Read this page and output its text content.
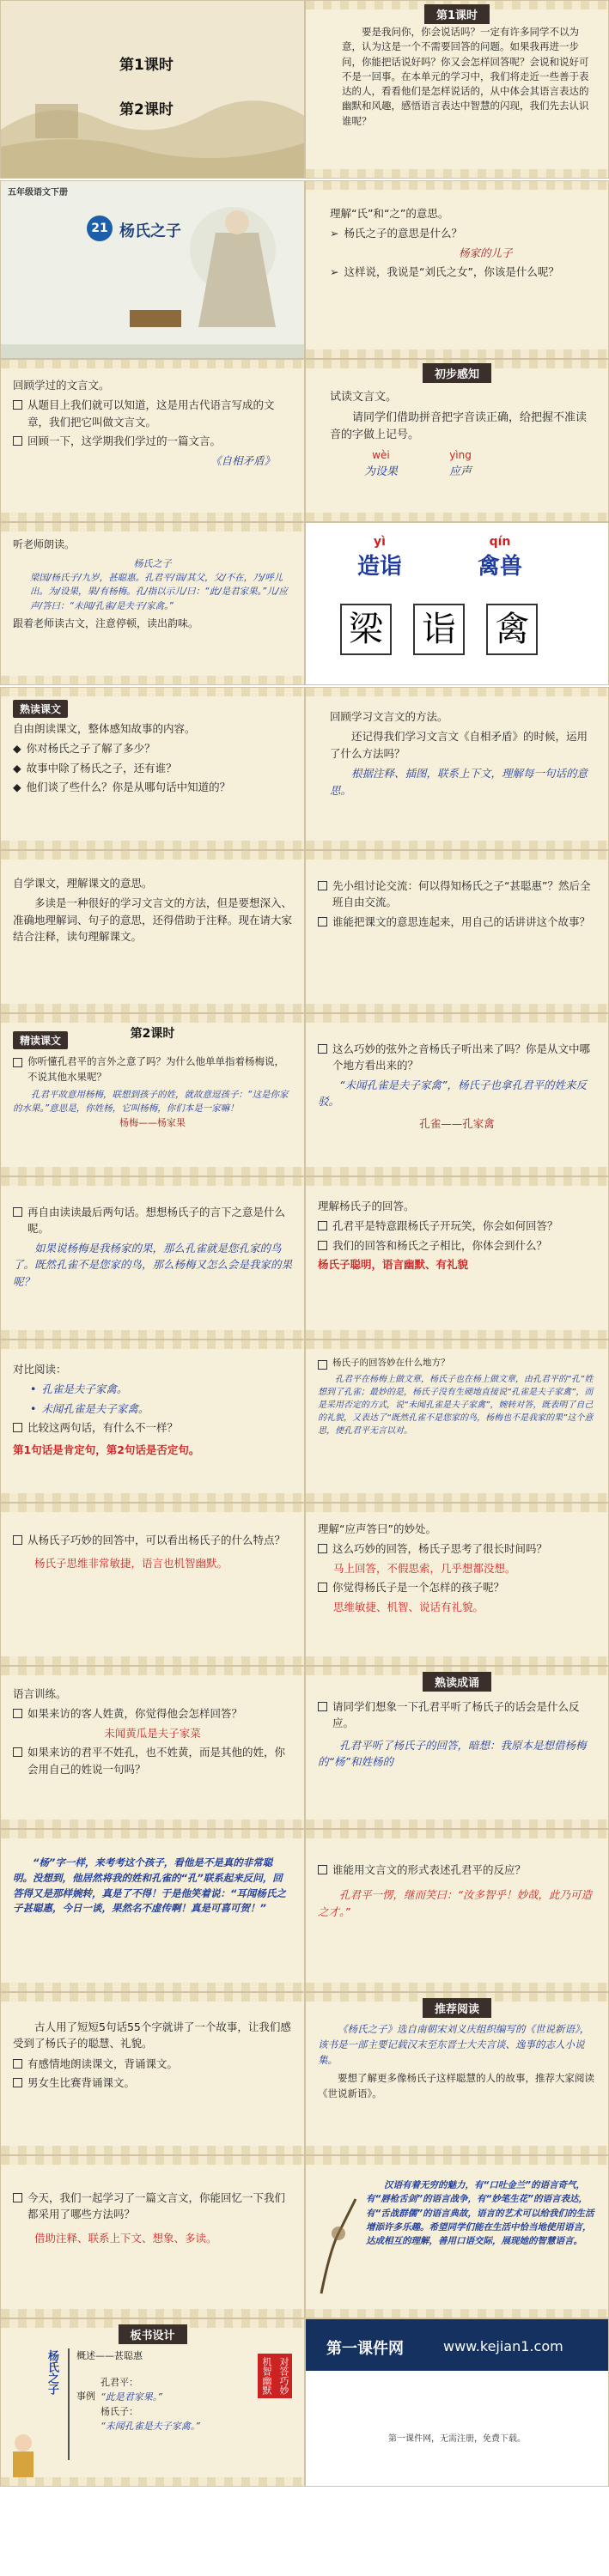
第1课时
第2课时
第1课时
要是我问你，你会说话吗？一定有许多同学不以为意，认为这是一个不需要回答的问题。如果我再进一步问，你能把话说好吗？你又会怎样回答呢？会说和说好可不是一回事。在本单元的学习中，我们将走近一些善于表达的人，看看他们是怎样说话的，从中体会其语言表达的幽默和风趣，感悟语言表达中智慧的闪现，我们先去认识谁呢？
五年级语文下册
21 杨氏之子

理解“氏”和“之”的意思。

➢ 杨氏之子的意思是什么？
杨家的儿子
➢ 这样说，我说是“刘氏之女”，你该是什么呢？

回顾学过的文言文。

从题目上我们就可以知道，这是用古代语言写成的文章，我们把它叫做文言文。
回顾一下，这学期我们学过的一篇文言。
《自相矛盾》
初步感知

试读文言文。

请同学们借助拼音把字音读正确，给把握不准读音的字做上记号。

wèi
为设果
yìng
应声

听老师朗读。

杨氏之子
梁国/杨氏子/九岁，甚聪惠。孔君平/诣/其父，父/不在，乃/呼儿出。为/设果，果/有杨梅。孔/指以示儿/曰：“此/是君家果。”儿/应声/答曰：“未闻/孔雀/是夫子/家禽。”

跟着老师读古文，注意停顿，读出韵味。

yì
造诣
qín
禽兽
梁 诣 禽
熟读课文

自由朗读课文，整体感知故事的内容。

◆ 你对杨氏之子了解了多少？
◆ 故事中除了杨氏之子，还有谁？
◆ 他们谈了些什么？你是从哪句话中知道的？

回顾学习文言文的方法。

还记得我们学习文言文《自相矛盾》的时候，运用了什么方法吗？

根据注释、插图，联系上下文，理解每一句话的意思。

自学课文，理解课文的意思。

多读是一种很好的学习文言文的方法，但是要想深入、准确地理解词、句子的意思，还得借助于注释。现在请大家结合注释，读句理解课文。

先小组讨论交流：何以得知杨氏之子“甚聪惠”？然后全班自由交流。
谁能把课文的意思连起来，用自己的话讲讲这个故事？
第2课时
精读课文
你听懂孔君平的言外之意了吗？为什么他单单指着杨梅说，不说其他水果呢？
孔君平故意用杨梅，联想到孩子的姓，就故意逗孩子：“这是你家的水果。”意思是，你姓杨，它叫杨梅，你们本是一家嘛！
杨梅——杨家果
这么巧妙的弦外之音杨氏子听出来了吗？你是从文中哪个地方看出来的？
“未闻孔雀是夫子家禽”，杨氏子也拿孔君平的姓来反驳。
孔雀——孔家禽
再自由读读最后两句话。想想杨氏子的言下之意是什么呢。
如果说杨梅是我杨家的果，那么孔雀就是您孔家的鸟了。既然孔雀不是您家的鸟，那么杨梅又怎么会是我家的果呢？

理解杨氏子的回答。

孔君平是特意跟杨氏子开玩笑，你会如何回答？
我们的回答和杨氏之子相比，你体会到什么？
杨氏子聪明，语言幽默、有礼貌

对比阅读：

• 孔雀是夫子家禽。
• 未闻孔雀是夫子家禽。
比较这两句话，有什么不一样？
第1句话是肯定句，第2句话是否定句。
杨氏子的回答妙在什么地方？
孔君平在杨梅上做文章，杨氏子也在杨上做文章，由孔君平的“孔”姓想到了孔雀；最妙的是，杨氏子没有生硬地直接说“孔雀是夫子家禽”，而是采用否定的方式，说“未闻孔雀是夫子家禽”，婉转对答，既表明了自己的礼貌，又表达了“既然孔雀不是您家的鸟，杨梅也不是我家的果”这个意思，使孔君平无言以对。
从杨氏子巧妙的回答中，可以看出杨氏子的什么特点？
杨氏子思维非常敏捷，语言也机智幽默。

理解“应声答曰”的妙处。

这么巧妙的回答，杨氏子思考了很长时间吗？
马上回答，不假思索，几乎想都没想。
你觉得杨氏子是一个怎样的孩子呢？
思维敏捷、机智、说话有礼貌。

语言训练。

如果来访的客人姓黄，你觉得他会怎样回答？
未闻黄瓜是夫子家菜
如果来访的君平不姓孔，也不姓黄，而是其他的姓，你会用自己的姓说一句吗？
熟读成诵
请同学们想象一下孔君平听了杨氏子的话会是什么反应。
孔君平听了杨氏子的回答，暗想：我原本是想借杨梅的“杨”和姓杨的
“杨”字一样，来考考这个孩子，看他是不是真的非常聪明。没想到，他居然将我的姓和孔雀的“孔”联系起来反问，回答得又是那样婉转，真是了不得！于是他笑着说：“耳闻杨氏之子甚聪惠，今日一谈，果然名不虚传啊！真是可喜可贺！”
谁能用文言文的形式表述孔君平的反应？
孔君平一愣，继而笑曰：“汝多智乎！妙哉，此乃可造之才。”

古人用了短短5句话55个字就讲了一个故事，让我们感受到了杨氏子的聪慧、礼貌。

有感情地朗读课文，背诵课文。
男女生比赛背诵课文。
推荐阅读

《杨氏之子》选自南朝宋刘义庆组织编写的《世说新语》，该书是一部主要记载汉末至东晋士大夫言谈、逸事的志人小说集。

要想了解更多像杨氏子这样聪慧的人的故事，推荐大家阅读《世说新语》。

今天，我们一起学习了一篇文言文，你能回忆一下我们都采用了哪些方法吗？
借助注释、联系上下文、想象、多读。
汉语有着无穷的魅力，有“口吐金兰”的语言奇气，有“唇枪舌剑”的语言战争，有“妙笔生花”的语言表达，有“舌战群儒”的语言典故，语言的艺术可以给我们的生活增添许多乐趣。希望同学们能在生活中恰当地使用语言，达成相互的理解，善用口语交际，展现她的智慧语言。
板书设计
杨氏之子 概述——甚聪惠
事例
孔君平：
“此是君家果。”
杨氏子：
“未闻孔雀是夫子家禽。”
机智幽默 对答巧妙
第一课件网	www.kejian1.com
第一课件网，无需注册，免费下载。
